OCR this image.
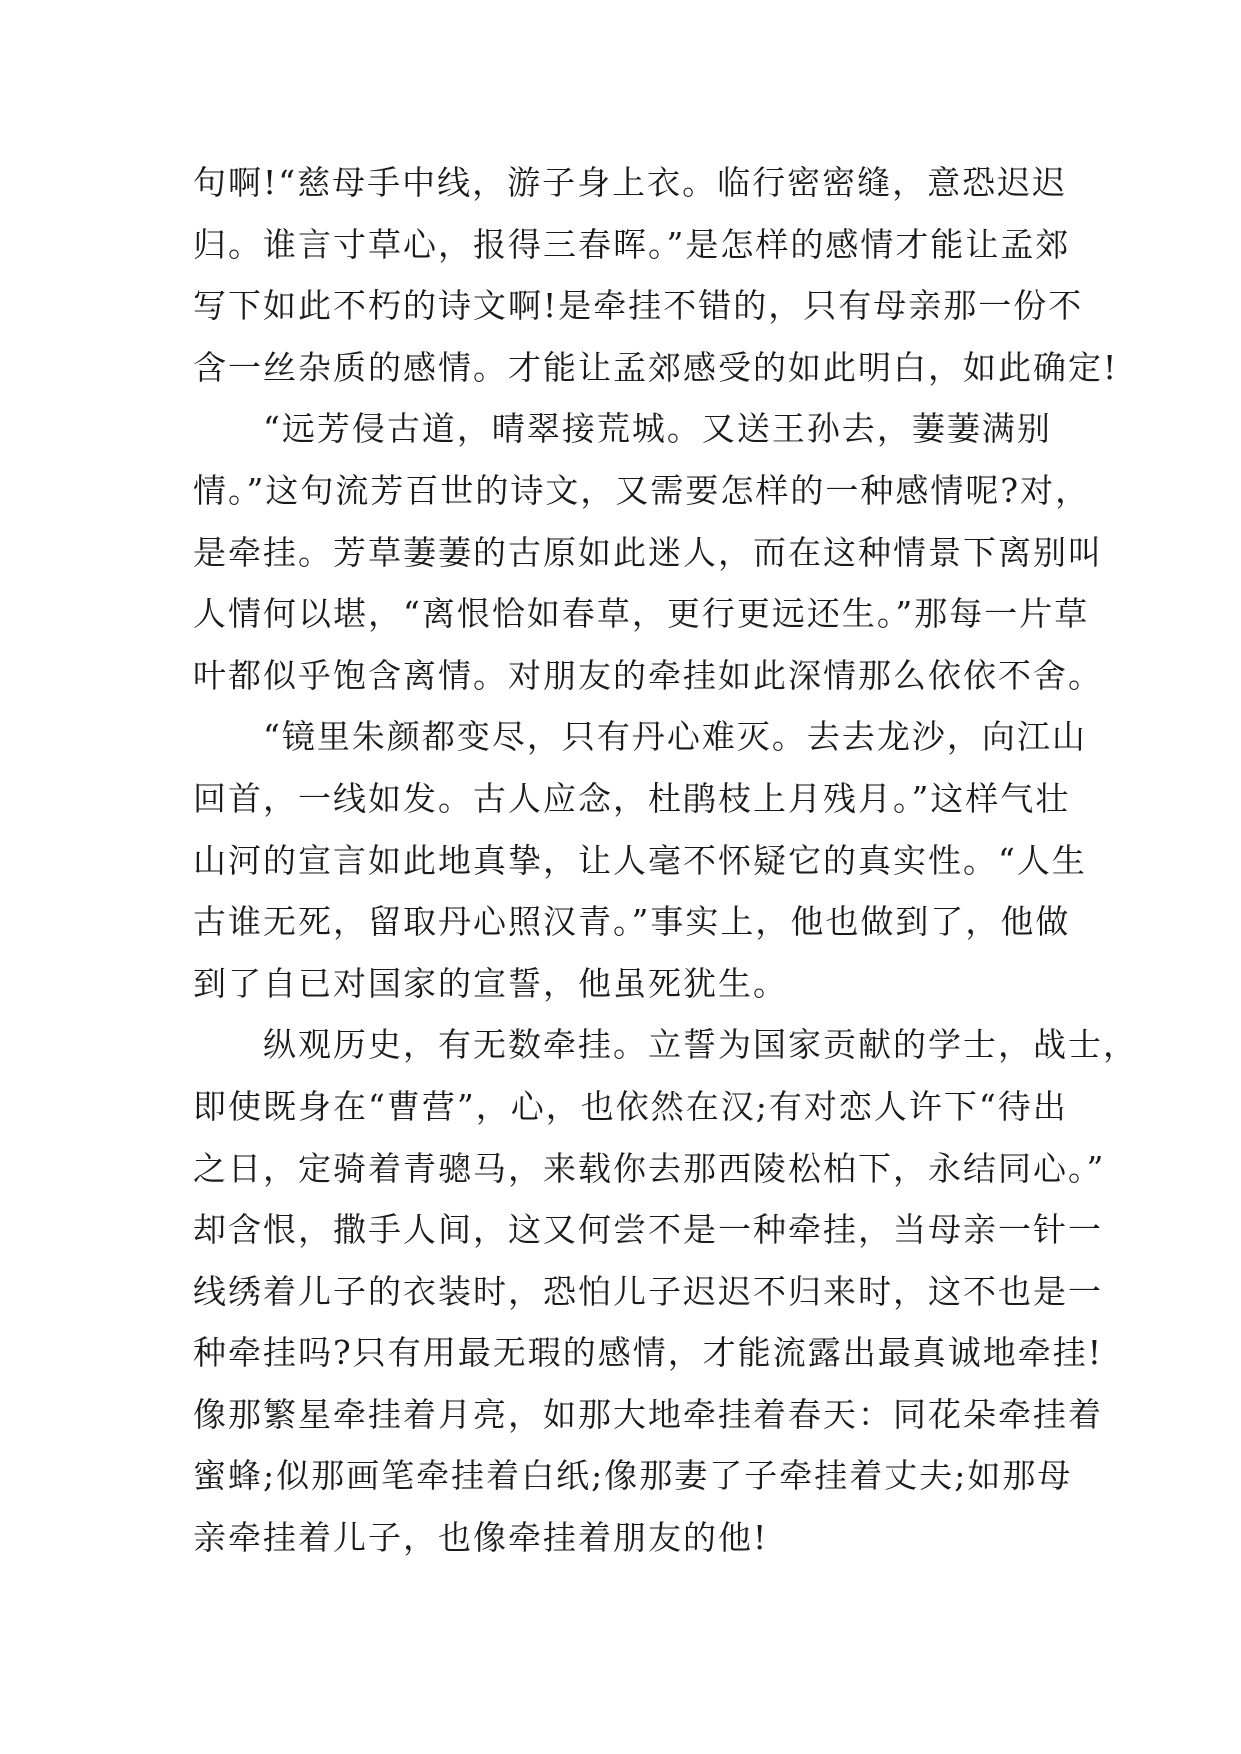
句啊!“慈母手中线，游子身上衣。临行密密缝，意恐迟迟
归。谁言寸草心，报得三春晖。”是怎样的感情才能让孟郊
写下如此不朽的诗文啊!是牵挂不错的，只有母亲那一份不
含一丝杂质的感情。才能让孟郊感受的如此明白，如此确定!
　　“远芳侵古道，晴翠接荒城。又送王孙去，萋萋满别
情。”这句流芳百世的诗文，又需要怎样的一种感情呢?对，
是牵挂。芳草萋萋的古原如此迷人，而在这种情景下离别叫
人情何以堪，“离恨恰如春草，更行更远还生。”那每一片草
叶都似乎饱含离情。对朋友的牵挂如此深情那么依依不舍。
　　“镜里朱颜都变尽，只有丹心难灭。去去龙沙，向江山
回首，一线如发。古人应念，杜鹃枝上月残月。”这样气壮
山河的宣言如此地真挚，让人毫不怀疑它的真实性。“人生
古谁无死，留取丹心照汉青。”事实上，他也做到了，他做
到了自已对国家的宣誓，他虽死犹生。
　　纵观历史，有无数牵挂。立誓为国家贡献的学士，战士，
即使既身在“曹营”，心，也依然在汉;有对恋人许下“待出
之日，定骑着青骢马，来载你去那西陵松柏下，永结同心。”
却含恨，撒手人间，这又何尝不是一种牵挂，当母亲一针一
线绣着儿子的衣装时，恐怕儿子迟迟不归来时，这不也是一
种牵挂吗?只有用最无瑕的感情，才能流露出最真诚地牵挂!
像那繁星牵挂着月亮，如那大地牵挂着春天：同花朵牵挂着
蜜蜂;似那画笔牵挂着白纸;像那妻了子牵挂着丈夫;如那母
亲牵挂着儿子，也像牵挂着朋友的他!
